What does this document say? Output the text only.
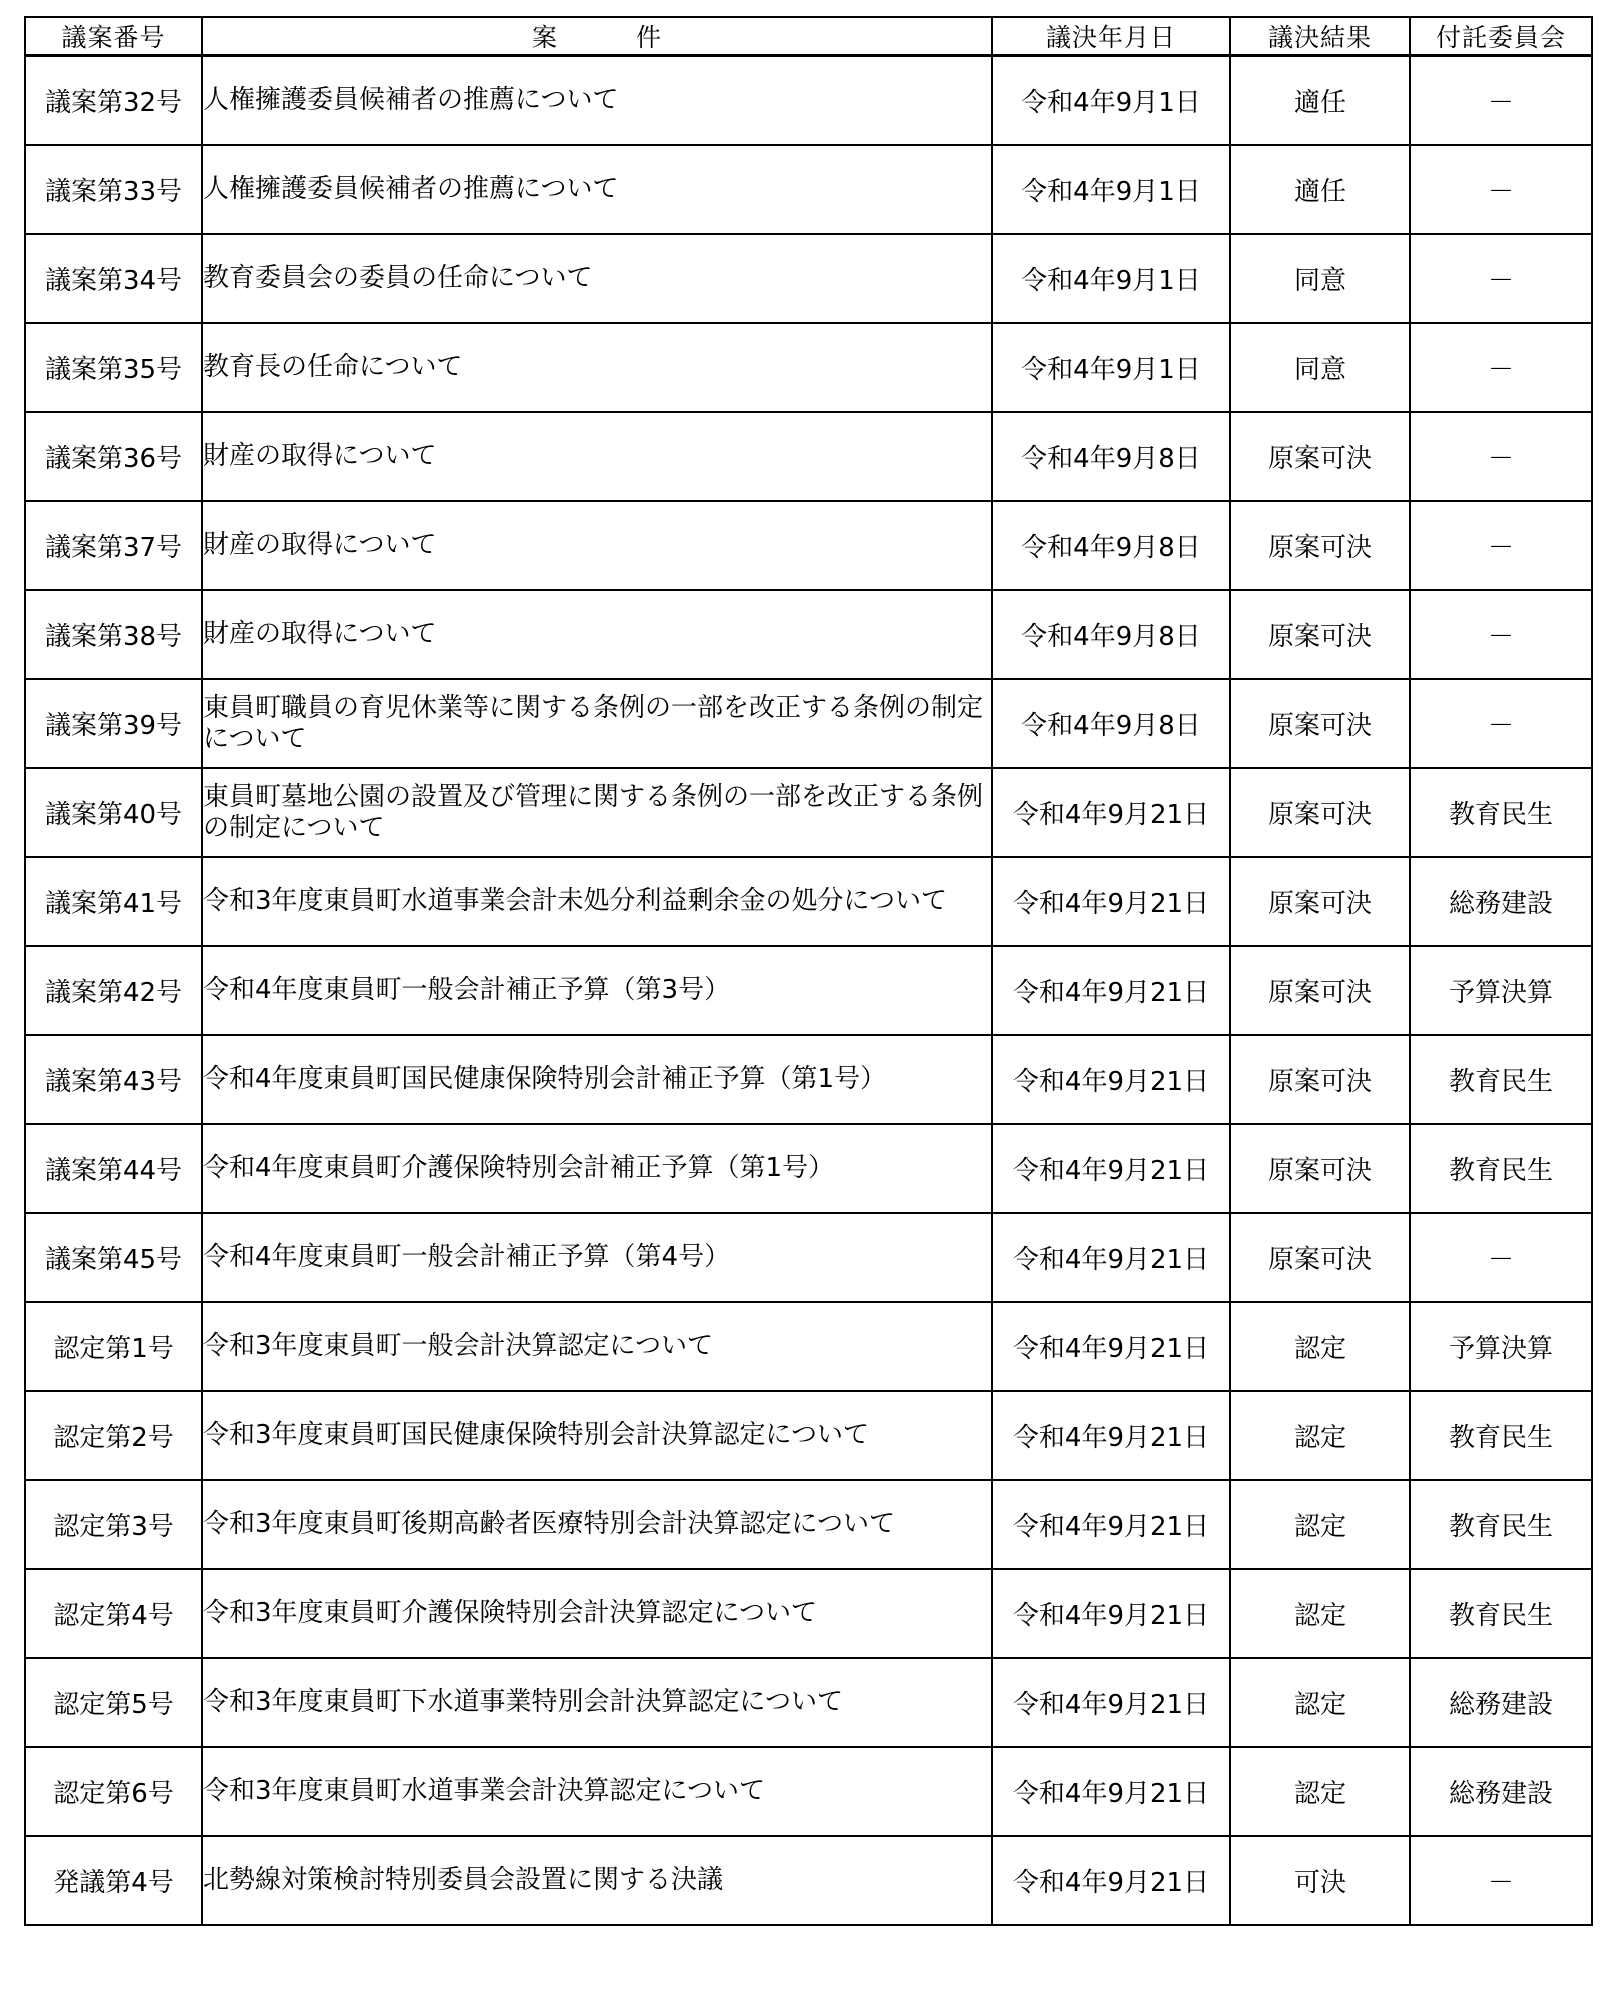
議案番号	案　　　件	議決年月日	議決結果	付託委員会
議案第32号	人権擁護委員候補者の推薦について	令和4年9月1日	適任	－
議案第33号	人権擁護委員候補者の推薦について	令和4年9月1日	適任	－
議案第34号	教育委員会の委員の任命について	令和4年9月1日	同意	－
議案第35号	教育長の任命について	令和4年9月1日	同意	－
議案第36号	財産の取得について	令和4年9月8日	原案可決	－
議案第37号	財産の取得について	令和4年9月8日	原案可決	－
議案第38号	財産の取得について	令和4年9月8日	原案可決	－
議案第39号	東員町職員の育児休業等に関する条例の一部を改正する条例の制定について	令和4年9月8日	原案可決	－
議案第40号	東員町墓地公園の設置及び管理に関する条例の一部を改正する条例の制定について	令和4年9月21日	原案可決	教育民生
議案第41号	令和3年度東員町水道事業会計未処分利益剰余金の処分について	令和4年9月21日	原案可決	総務建設
議案第42号	令和4年度東員町一般会計補正予算（第3号）	令和4年9月21日	原案可決	予算決算
議案第43号	令和4年度東員町国民健康保険特別会計補正予算（第1号）	令和4年9月21日	原案可決	教育民生
議案第44号	令和4年度東員町介護保険特別会計補正予算（第1号）	令和4年9月21日	原案可決	教育民生
議案第45号	令和4年度東員町一般会計補正予算（第4号）	令和4年9月21日	原案可決	－
認定第1号	令和3年度東員町一般会計決算認定について	令和4年9月21日	認定	予算決算
認定第2号	令和3年度東員町国民健康保険特別会計決算認定について	令和4年9月21日	認定	教育民生
認定第3号	令和3年度東員町後期高齢者医療特別会計決算認定について	令和4年9月21日	認定	教育民生
認定第4号	令和3年度東員町介護保険特別会計決算認定について	令和4年9月21日	認定	教育民生
認定第5号	令和3年度東員町下水道事業特別会計決算認定について	令和4年9月21日	認定	総務建設
認定第6号	令和3年度東員町水道事業会計決算認定について	令和4年9月21日	認定	総務建設
発議第4号	北勢線対策検討特別委員会設置に関する決議	令和4年9月21日	可決	－
